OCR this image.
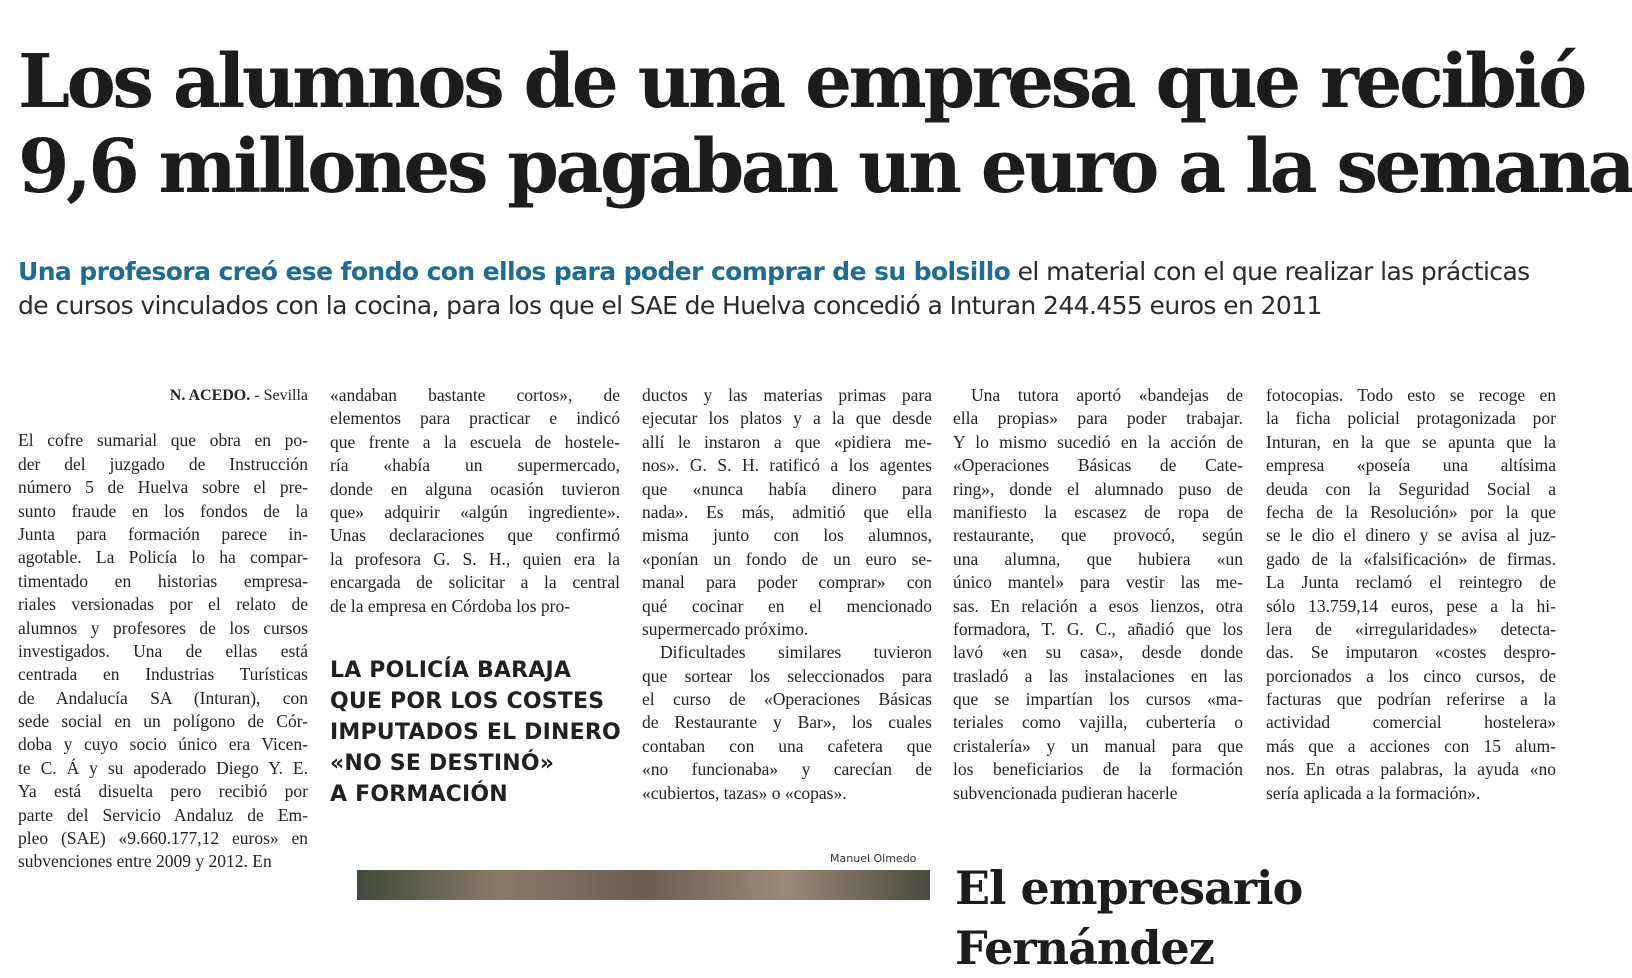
Los alumnos de una empresa que recibió
9,6 millones pagaban un euro a la semana
Una profesora creó ese fondo con ellos para poder comprar de su bolsillo el material con el que realizar las prácticas
de cursos vinculados con la cocina, para los que el SAE de Huelva concedió a Inturan 244.455 euros en 2011
N. ACEDO. - Sevilla
El cofre sumarial que obra en po-
der del juzgado de Instrucción
número 5 de Huelva sobre el pre-
sunto fraude en los fondos de la
Junta para formación parece in-
agotable. La Policía lo ha compar-
timentado en historias empresa-
riales versionadas por el relato de
alumnos y profesores de los cursos
investigados. Una de ellas está
centrada en Industrias Turísticas
de Andalucía SA (Inturan), con
sede social en un polígono de Cór-
doba y cuyo socio único era Vicen-
te C. Á y su apoderado Diego Y. E.
Ya está disuelta pero recibió por
parte del Servicio Andaluz de Em-
pleo (SAE) «9.660.177,12 euros» en
subvenciones entre 2009 y 2012. En
«andaban bastante cortos», de
elementos para practicar e indicó
que frente a la escuela de hostele-
ría «había un supermercado,
donde en alguna ocasión tuvieron
que» adquirir «algún ingrediente».
Unas declaraciones que confirmó
la profesora G. S. H., quien era la
encargada de solicitar a la central
de la empresa en Córdoba los pro-
LA POLICÍA BARAJA
QUE POR LOS COSTES
IMPUTADOS EL DINERO
«NO SE DESTINÓ»
A FORMACIÓN
ductos y las materias primas para
ejecutar los platos y a la que desde
allí le instaron a que «pidiera me-
nos». G. S. H. ratificó a los agentes
que «nunca había dinero para
nada». Es más, admitió que ella
misma junto con los alumnos,
«ponían un fondo de un euro se-
manal para poder comprar» con
qué cocinar en el mencionado
supermercado próximo.
Dificultades similares tuvieron
que sortear los seleccionados para
el curso de «Operaciones Básicas
de Restaurante y Bar», los cuales
contaban con una cafetera que
«no funcionaba» y carecían de
«cubiertos, tazas» o «copas».
Una tutora aportó «bandejas de
ella propias» para poder trabajar.
Y lo mismo sucedió en la acción de
«Operaciones Básicas de Cate-
ring», donde el alumnado puso de
manifiesto la escasez de ropa de
restaurante, que provocó, según
una alumna, que hubiera «un
único mantel» para vestir las me-
sas. En relación a esos lienzos, otra
formadora, T. G. C., añadió que los
lavó «en su casa», desde donde
trasladó a las instalaciones en las
que se impartían los cursos «ma-
teriales como vajilla, cubertería o
cristalería» y un manual para que
los beneficiarios de la formación
subvencionada pudieran hacerle
fotocopias. Todo esto se recoge en
la ficha policial protagonizada por
Inturan, en la que se apunta que la
empresa «poseía una altísima
deuda con la Seguridad Social a
fecha de la Resolución» por la que
se le dio el dinero y se avisa al juz-
gado de la «falsificación» de firmas.
La Junta reclamó el reintegro de
sólo 13.759,14 euros, pese a la hi-
lera de «irregularidades» detecta-
das. Se imputaron «costes despro-
porcionados a los cinco cursos, de
facturas que podrían referirse a la
actividad comercial hostelera»
más que a acciones con 15 alum-
nos. En otras palabras, la ayuda «no
sería aplicada a la formación».
Manuel Olmedo
El empresario Fernández
